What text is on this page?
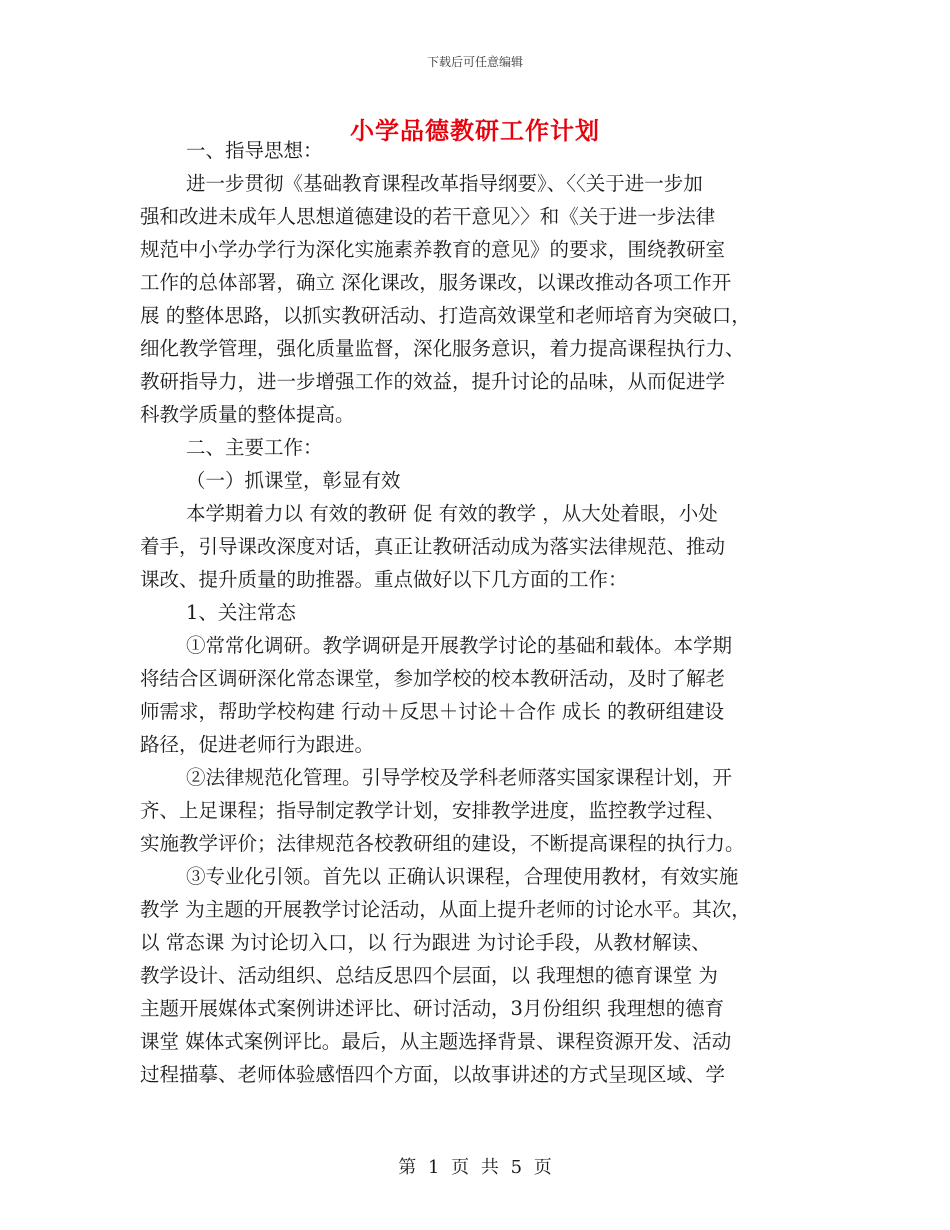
下载后可任意编辑
小学品德教研工作计划

一、指导思想：

进一步贯彻《基础教育课程改革指导纲要》、〈〈关于进一步加

强和改进未成年人思想道德建设的若干意见〉〉和《关于进一步法律

规范中小学办学行为深化实施素养教育的意见》的要求，围绕教研室

工作的总体部署，确立 深化课改，服务课改，以课改推动各项工作开

展 的整体思路，以抓实教研活动、打造高效课堂和老师培育为突破口，

细化教学管理，强化质量监督，深化服务意识，着力提高课程执行力、

教研指导力，进一步增强工作的效益，提升讨论的品味，从而促进学

科教学质量的整体提高。

二、主要工作：

（一）抓课堂，彰显有效

本学期着力以 有效的教研 促 有效的教学 ，从大处着眼，小处

着手，引导课改深度对话，真正让教研活动成为落实法律规范、推动

课改、提升质量的助推器。重点做好以下几方面的工作：

1、关注常态

①常常化调研。教学调研是开展教学讨论的基础和载体。本学期

将结合区调研深化常态课堂，参加学校的校本教研活动，及时了解老

师需求，帮助学校构建 行动＋反思＋讨论＋合作 成长 的教研组建设

路径，促进老师行为跟进。

②法律规范化管理。引导学校及学科老师落实国家课程计划，开

齐、上足课程；指导制定教学计划，安排教学进度，监控教学过程、

实施教学评价；法律规范各校教研组的建设，不断提高课程的执行力。

③专业化引领。首先以 正确认识课程，合理使用教材，有效实施

教学 为主题的开展教学讨论活动，从面上提升老师的讨论水平。其次，

以 常态课 为讨论切入口，以 行为跟进 为讨论手段，从教材解读、

教学设计、活动组织、总结反思四个层面，以 我理想的德育课堂 为

主题开展媒体式案例讲述评比、研讨活动，3月份组织 我理想的德育

课堂 媒体式案例评比。最后，从主题选择背景、课程资源开发、活动

过程描摹、老师体验感悟四个方面，以故事讲述的方式呈现区域、学

第 1 页 共 5 页
